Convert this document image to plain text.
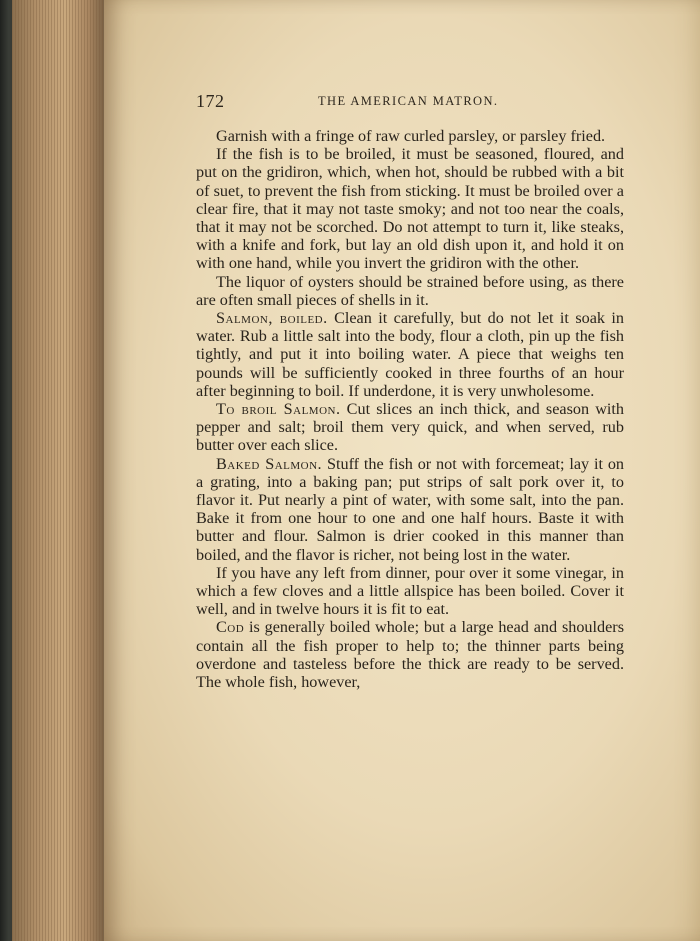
172	THE AMERICAN MATRON.

Garnish with a fringe of raw curled parsley, or parsley fried.

If the fish is to be broiled, it must be seasoned, floured, and put on the gridiron, which, when hot, should be rubbed with a bit of suet, to prevent the fish from sticking. It must be broiled over a clear fire, that it may not taste smoky; and not too near the coals, that it may not be scorched. Do not attempt to turn it, like steaks, with a knife and fork, but lay an old dish upon it, and hold it on with one hand, while you invert the gridiron with the other.

The liquor of oysters should be strained before using, as there are often small pieces of shells in it.

Salmon, boiled. Clean it carefully, but do not let it soak in water. Rub a little salt into the body, flour a cloth, pin up the fish tightly, and put it into boiling water. A piece that weighs ten pounds will be sufficiently cooked in three fourths of an hour after beginning to boil. If underdone, it is very unwholesome.

To broil Salmon. Cut slices an inch thick, and season with pepper and salt; broil them very quick, and when served, rub butter over each slice.

Baked Salmon. Stuff the fish or not with forcemeat; lay it on a grating, into a baking pan; put strips of salt pork over it, to flavor it. Put nearly a pint of water, with some salt, into the pan. Bake it from one hour to one and one half hours. Baste it with butter and flour. Salmon is drier cooked in this manner than boiled, and the flavor is richer, not being lost in the water.

If you have any left from dinner, pour over it some vinegar, in which a few cloves and a little allspice has been boiled. Cover it well, and in twelve hours it is fit to eat.

Cod is generally boiled whole; but a large head and shoulders contain all the fish proper to help to; the thinner parts being overdone and tasteless before the thick are ready to be served. The whole fish, however,
